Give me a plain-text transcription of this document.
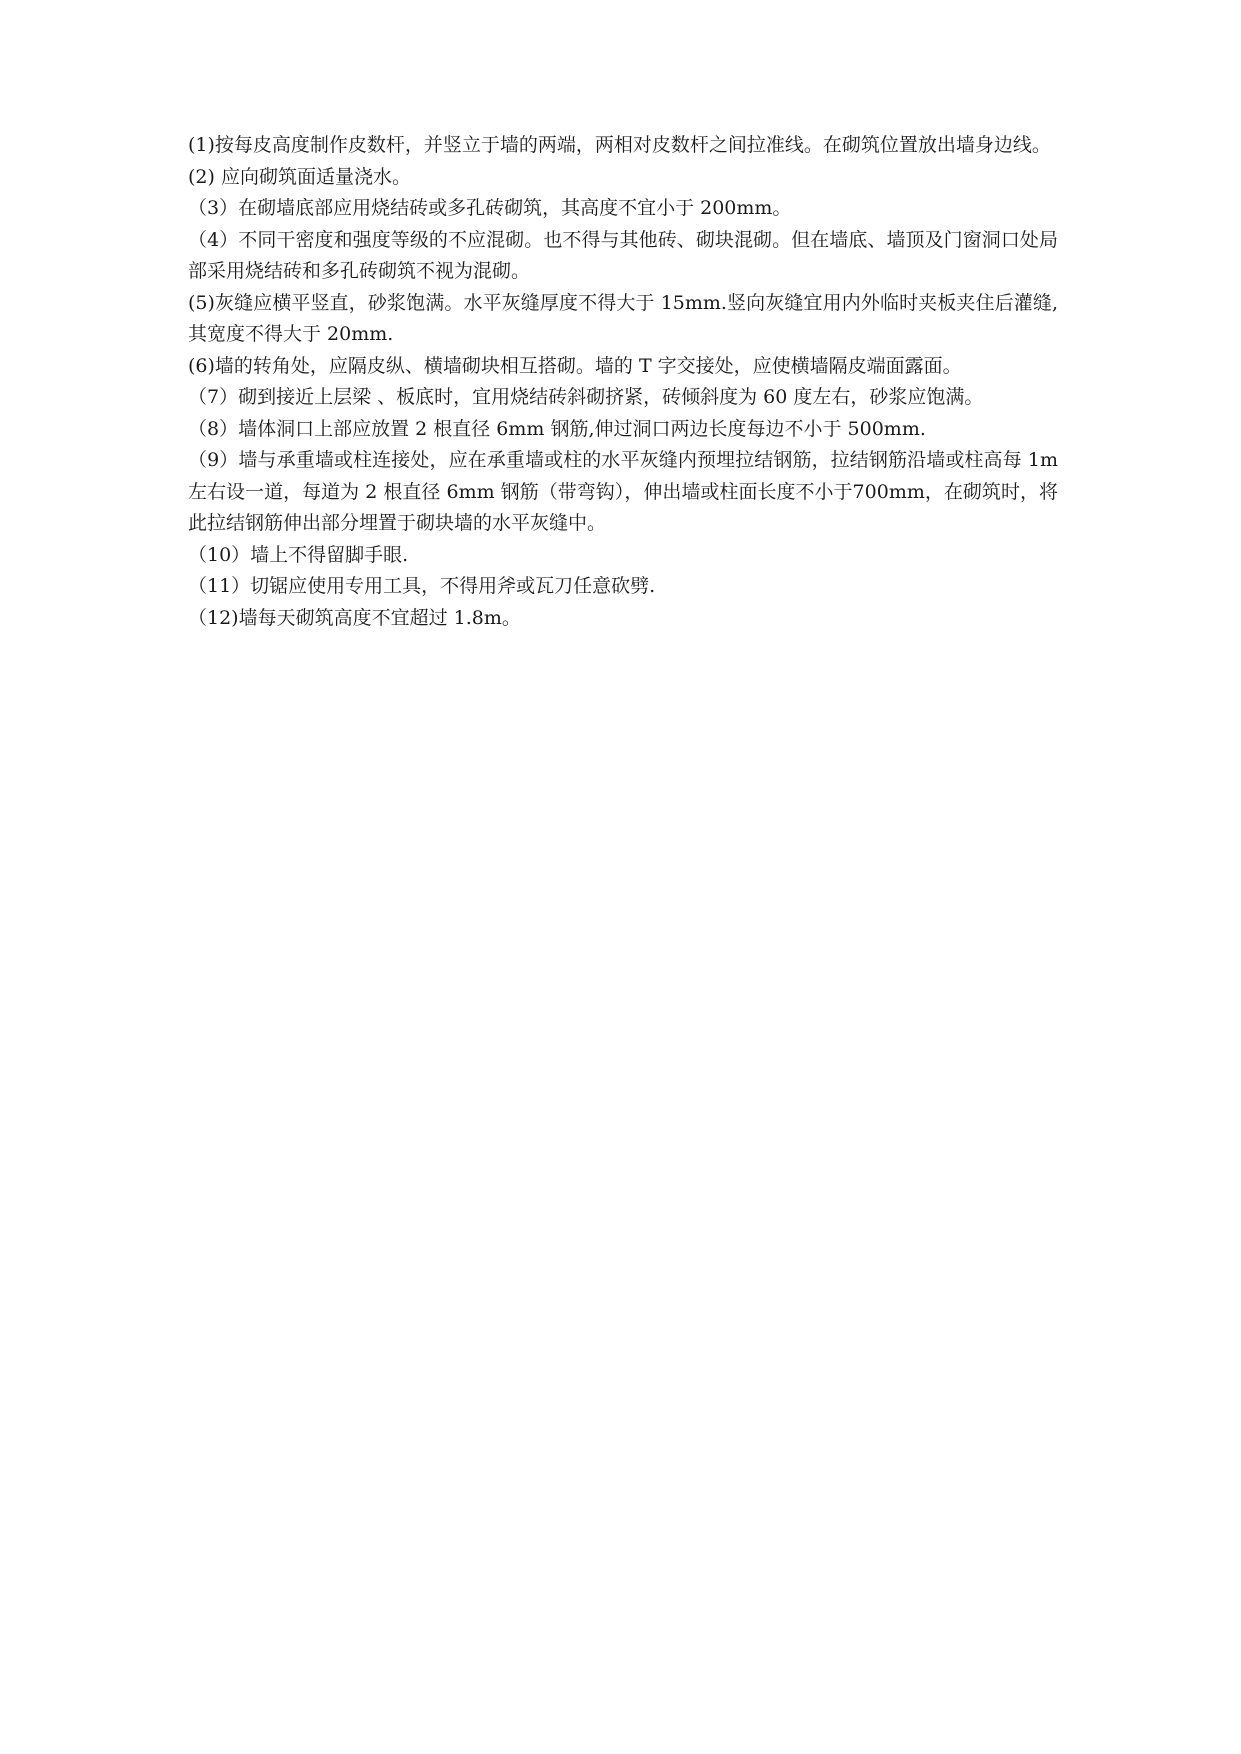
(1)按每皮高度制作皮数杆，并竖立于墙的两端，两相对皮数杆之间拉准线。在砌筑位置放出墙身边线。

(2) 应向砌筑面适量浇水。

（3）在砌墙底部应用烧结砖或多孔砖砌筑，其高度不宜小于 200mm。

（4）不同干密度和强度等级的不应混砌。也不得与其他砖、砌块混砌。但在墙底、墙顶及门窗洞口处局部采用烧结砖和多孔砖砌筑不视为混砌。

(5)灰缝应横平竖直，砂浆饱满。水平灰缝厚度不得大于 15mm.竖向灰缝宜用内外临时夹板夹住后灌缝,其宽度不得大于 20mm.

(6)墙的转角处，应隔皮纵、横墙砌块相互搭砌。墙的 T 字交接处，应使横墙隔皮端面露面。

（7）砌到接近上层梁 、板底时，宜用烧结砖斜砌挤紧，砖倾斜度为 60 度左右，砂浆应饱满。

（8）墙体洞口上部应放置 2 根直径 6mm 钢筋,伸过洞口两边长度每边不小于 500mm.

（9）墙与承重墙或柱连接处，应在承重墙或柱的水平灰缝内预埋拉结钢筋，拉结钢筋沿墙或柱高每 1m 左右设一道，每道为 2 根直径 6mm 钢筋（带弯钩），伸出墙或柱面长度不小于700mm，在砌筑时，将此拉结钢筋伸出部分埋置于砌块墙的水平灰缝中。

（10）墙上不得留脚手眼.

（11）切锯应使用专用工具，不得用斧或瓦刀任意砍劈.

（12)墙每天砌筑高度不宜超过 1.8m。
